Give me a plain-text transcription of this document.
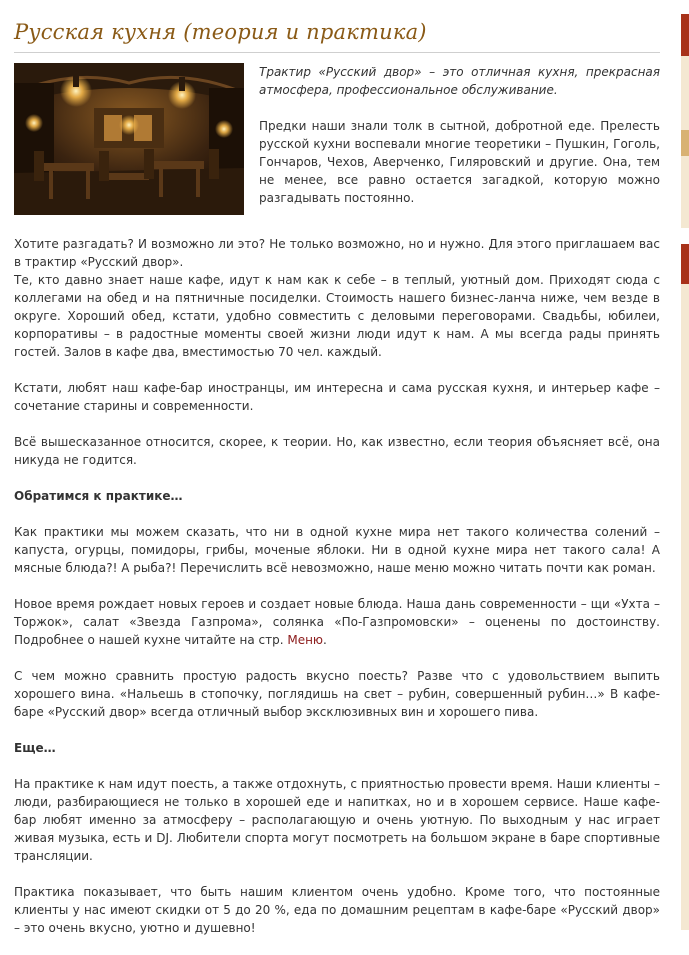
Русская кухня (теория и практика)

Трактир «Русский двор» – это отличная кухня, прекрасная атмосфера, профессиональное обслуживание.

Предки наши знали толк в сытной, добротной еде. Прелесть русской кухни воспевали многие теоретики – Пушкин, Гоголь, Гончаров, Чехов, Аверченко, Гиляровский и другие. Она, тем не менее, все равно остается загадкой, которую можно разгадывать постоянно.

Хотите разгадать? И возможно ли это? Не только возможно, но и нужно. Для этого приглашаем вас в трактир «Русский двор».

Те, кто давно знает наше кафе, идут к нам как к себе – в теплый, уютный дом. Приходят сюда с коллегами на обед и на пятничные посиделки. Стоимость нашего бизнес-ланча ниже, чем везде в округе. Хороший обед, кстати, удобно совместить с деловыми переговорами. Свадьбы, юбилеи, корпоративы – в радостные моменты своей жизни люди идут к нам. А мы всегда рады принять гостей. Залов в кафе два, вместимостью 70 чел. каждый.

Кстати, любят наш кафе-бар иностранцы, им интересна и сама русская кухня, и интерьер кафе – сочетание старины и современности.

Всё вышесказанное относится, скорее, к теории. Но, как известно, если теория объясняет всё, она никуда не годится.

Обратимся к практике…

Как практики мы можем сказать, что ни в одной кухне мира нет такого количества солений – капуста, огурцы, помидоры, грибы, моченые яблоки. Ни в одной кухне мира нет такого сала! А мясные блюда?! А рыба?! Перечислить всё невозможно, наше меню можно читать почти как роман.

Новое время рождает новых героев и создает новые блюда. Наша дань современности – щи «Ухта – Торжок», салат «Звезда Газпрома», солянка «По-Газпромовски» – оценены по достоинству. Подробнее о нашей кухне читайте на стр. Меню.

С чем можно сравнить простую радость вкусно поесть? Разве что с удовольствием выпить хорошего вина. «Нальешь в стопочку, поглядишь на свет – рубин, совершенный рубин…» В кафе-баре «Русский двор» всегда отличный выбор эксклюзивных вин и хорошего пива.

Еще…

На практике к нам идут поесть, а также отдохнуть, с приятностью провести время. Наши клиенты – люди, разбирающиеся не только в хорошей еде и напитках, но и в хорошем сервисе. Наше кафе-бар любят именно за атмосферу – располагающую и очень уютную. По выходным у нас играет живая музыка, есть и DJ. Любители спорта могут посмотреть на большом экране в баре спортивные трансляции.

Практика показывает, что быть нашим клиентом очень удобно. Кроме того, что постоянные клиенты у нас имеют скидки от 5 до 20 %, еда по домашним рецептам в кафе-баре «Русский двор» – это очень вкусно, уютно и душевно!
